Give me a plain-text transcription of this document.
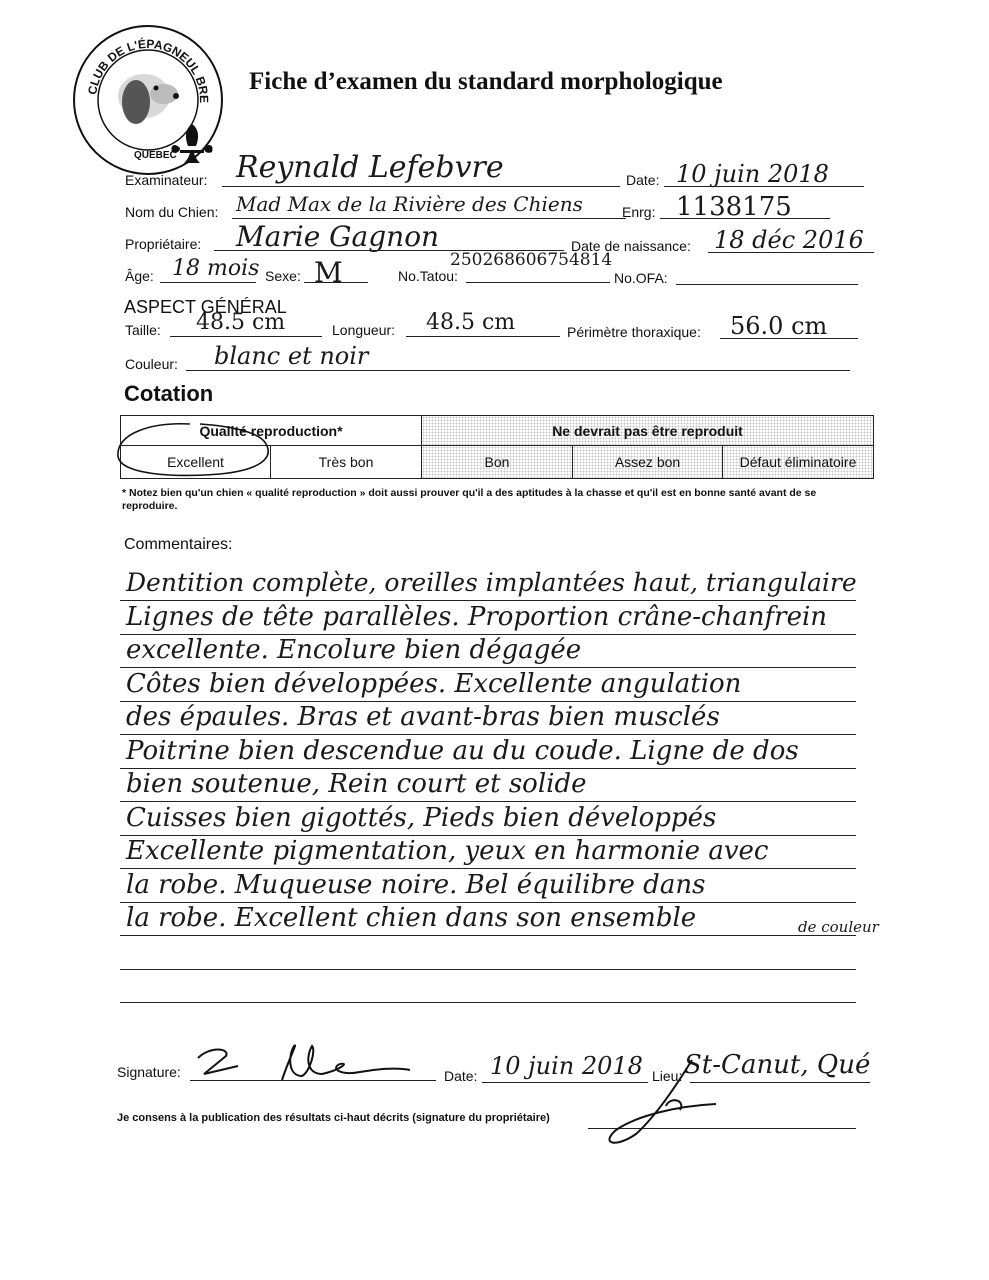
CLUB DE L'ÉPAGNEUL BRE
QUÉBEC
Fiche d’examen du standard morphologique
Examinateur: Reynald Lefebvre	Date: 10 juin 2018
Nom du Chien: Mad Max de la Rivière des Chiens	Enrg: 1138175
Propriétaire: Marie Gagnon	Date de naissance: 18 déc 2016
Âge: 18 mois Sexe: M	No.Tatou:
250268606754814
No.OFA:
ASPECT GÉNÉRAL
Taille: 48.5 cm	Longueur: 48.5 cm	Périmètre thoraxique: 56.0 cm
Couleur: blanc et noir
Cotation
Qualité reproduction*	Ne devrait pas être reproduit
Excellent	Très bon	Bon	Assez bon	Défaut éliminatoire
* Notez bien qu'un chien « qualité reproduction » doit aussi prouver qu'il a des aptitudes à la chasse et qu'il est en bonne santé avant de se reproduire.
Commentaires:
Dentition complète, oreilles implantées haut, triangulaire
Lignes de tête parallèles. Proportion crâne-chanfrein
excellente. Encolure bien dégagée
Côtes bien développées. Excellente angulation
des épaules. Bras et avant-bras bien musclés
Poitrine bien descendue au du coude. Ligne de dos
bien soutenue, Rein court et solide
Cuisses bien gigottés, Pieds bien développés
Excellente pigmentation, yeux en harmonie avec
la robe. Muqueuse noire. Bel équilibre dans
la robe. Excellent chien dans son ensemble	de couleur
Signature:	Date: 10 juin 2018 Lieu: St-Canut, Qué
Je consens à la publication des résultats ci-haut décrits (signature du propriétaire)
